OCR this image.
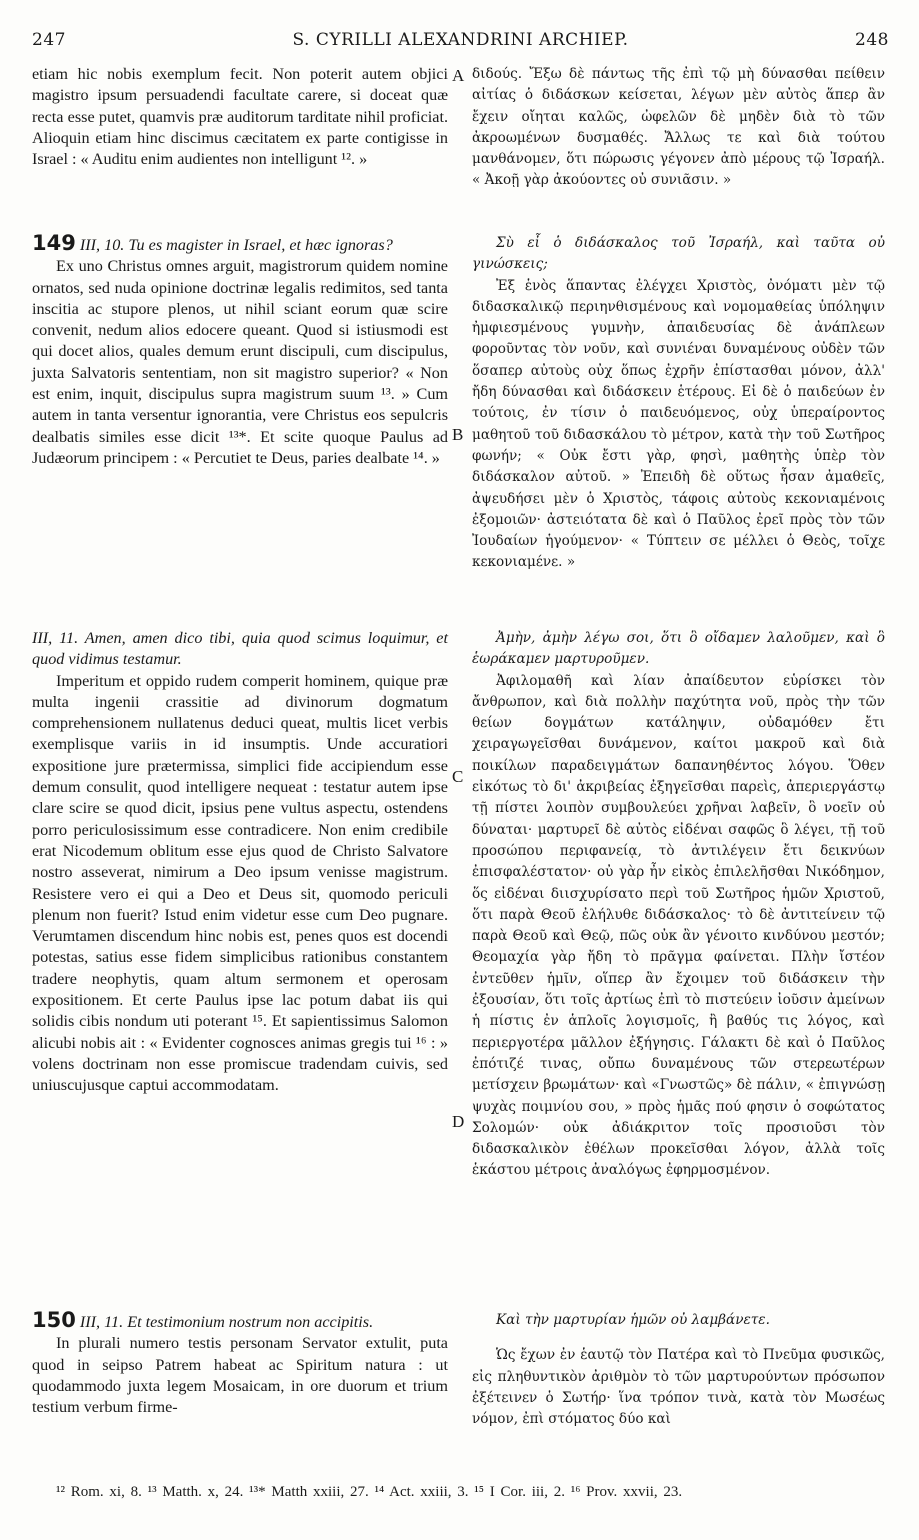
247	S. CYRILLI ALEXANDRINI ARCHIEP.	248

etiam hic nobis exemplum fecit. Non poterit autem objici magistro ipsum persuadendi facultate carere, si doceat quæ recta esse putet, quamvis præ auditorum tarditate nihil proficiat. Alioquin etiam hinc discimus cæcitatem ex parte contigisse in Israel : « Auditu enim audientes non intelligunt ¹². »

149 III, 10. Tu es magister in Israel, et hæc ignoras?

Ex uno Christus omnes arguit, magistrorum quidem nomine ornatos, sed nuda opinione doctrinæ legalis redimitos, sed tanta inscitia ac stupore plenos, ut nihil sciant eorum quæ scire convenit, nedum alios edocere queant. Quod si istiusmodi est qui docet alios, quales demum erunt discipuli, cum discipulus, juxta Salvatoris sententiam, non sit magistro superior? « Non est enim, inquit, discipulus supra magistrum suum ¹³. » Cum autem in tanta versentur ignorantia, vere Christus eos sepulcris dealbatis similes esse dicit ¹³*. Et scite quoque Paulus ad Judæorum principem : « Percutiet te Deus, paries dealbate ¹⁴. »

III, 11. Amen, amen dico tibi, quia quod scimus loquimur, et quod vidimus testamur.

Imperitum et oppido rudem comperit hominem, quique præ multa ingenii crassitie ad divinorum dogmatum comprehensionem nullatenus deduci queat, multis licet verbis exemplisque variis in id insumptis. Unde accuratiori expositione jure prætermissa, simplici fide accipiendum esse demum consulit, quod intelligere nequeat : testatur autem ipse clare scire se quod dicit, ipsius pene vultus aspectu, ostendens porro periculosissimum esse contradicere. Non enim credibile erat Nicodemum oblitum esse ejus quod de Christo Salvatore nostro asseverat, nimirum a Deo ipsum venisse magistrum. Resistere vero ei qui a Deo et Deus sit, quomodo periculi plenum non fuerit? Istud enim videtur esse cum Deo pugnare. Verumtamen discendum hinc nobis est, penes quos est docendi potestas, satius esse fidem simplicibus rationibus constantem tradere neophytis, quam altum sermonem et operosam expositionem. Et certe Paulus ipse lac potum dabat iis qui solidis cibis nondum uti poterant ¹⁵. Et sapientissimus Salomon alicubi nobis ait : « Evidenter cognosces animas gregis tui ¹⁶ : » volens doctrinam non esse promiscue tradendam cuivis, sed uniuscujusque captui accommodatam.

150 III, 11. Et testimonium nostrum non accipitis.

In plurali numero testis personam Servator extulit, puta quod in seipso Patrem habeat ac Spiritum natura : ut quodammodo juxta legem Mosaicam, in ore duorum et trium testium verbum firme-

A
B
C
D

διδούς. Ἔξω δὲ πάντως τῆς ἐπὶ τῷ μὴ δύνασθαι πείθειν αἰτίας ὁ διδάσκων κείσεται, λέγων μὲν αὐτὸς ἅπερ ἂν ἔχειν οἴηται καλῶς, ὠφελῶν δὲ μηδὲν διὰ τὸ τῶν ἀκροωμένων δυσμαθές. Ἄλλως τε καὶ διὰ τούτου μανθάνομεν, ὅτι πώρωσις γέγονεν ἀπὸ μέρους τῷ Ἰσραήλ. « Ἀκοῇ γὰρ ἀκούοντες οὐ συνιᾶσιν. »

Σὺ εἶ ὁ διδάσκαλος τοῦ Ἰσραήλ, καὶ ταῦτα οὐ γινώσκεις;

Ἐξ ἑνὸς ἅπαντας ἐλέγχει Χριστὸς, ὀνόματι μὲν τῷ διδασκαλικῷ περιηνθισμένους καὶ νομομαθείας ὑπόληψιν ἠμφιεσμένους γυμνὴν, ἀπαιδευσίας δὲ ἀνάπλεων φοροῦντας τὸν νοῦν, καὶ συνιέναι δυναμένους οὐδὲν τῶν ὅσαπερ αὐτοὺς οὐχ ὅπως ἐχρῆν ἐπίστασθαι μόνον, ἀλλ' ἤδη δύνασθαι καὶ διδάσκειν ἑτέρους. Εἰ δὲ ὁ παιδεύων ἐν τούτοις, ἐν τίσιν ὁ παιδευόμενος, οὐχ ὑπεραίροντος μαθητοῦ τοῦ διδασκάλου τὸ μέτρον, κατὰ τὴν τοῦ Σωτῆρος φωνήν; « Οὐκ ἔστι γὰρ, φησὶ, μαθητὴς ὑπὲρ τὸν διδάσκαλον αὐτοῦ. » Ἐπειδὴ δὲ οὕτως ἦσαν ἀμαθεῖς, ἀψευδήσει μὲν ὁ Χριστὸς, τάφοις αὐτοὺς κεκονιαμένοις ἐξομοιῶν· ἀστειότατα δὲ καὶ ὁ Παῦλος ἐρεῖ πρὸς τὸν τῶν Ἰουδαίων ἡγούμενον· « Τύπτειν σε μέλλει ὁ Θεὸς, τοῖχε κεκονιαμένε. »

Ἀμὴν, ἀμὴν λέγω σοι, ὅτι ὃ οἴδαμεν λαλοῦμεν, καὶ ὃ ἑωράκαμεν μαρτυροῦμεν.

Ἀφιλομαθῆ καὶ λίαν ἀπαίδευτον εὑρίσκει τὸν ἄνθρωπον, καὶ διὰ πολλὴν παχύτητα νοῦ, πρὸς τὴν τῶν θείων δογμάτων κατάληψιν, οὐδαμόθεν ἔτι χειραγωγεῖσθαι δυνάμενον, καίτοι μακροῦ καὶ διὰ ποικίλων παραδειγμάτων δαπανηθέντος λόγου. Ὅθεν εἰκότως τὸ δι' ἀκριβείας ἐξηγεῖσθαι παρεὶς, ἀπεριεργάστῳ τῇ πίστει λοιπὸν συμβουλεύει χρῆναι λαβεῖν, ὃ νοεῖν οὐ δύναται· μαρτυρεῖ δὲ αὐτὸς εἰδέναι σαφῶς ὃ λέγει, τῇ τοῦ προσώπου περιφανείᾳ, τὸ ἀντιλέγειν ἔτι δεικνύων ἐπισφαλέστατον· οὐ γὰρ ἦν εἰκὸς ἐπιλελῆσθαι Νικόδημον, ὅς εἰδέναι διισχυρίσατο περὶ τοῦ Σωτῆρος ἡμῶν Χριστοῦ, ὅτι παρὰ Θεοῦ ἐλήλυθε διδάσκαλος· τὸ δὲ ἀντιτείνειν τῷ παρὰ Θεοῦ καὶ Θεῷ, πῶς οὐκ ἂν γένοιτο κινδύνου μεστόν; Θεομαχία γὰρ ἤδη τὸ πρᾶγμα φαίνεται. Πλὴν ἴστέον ἐντεῦθεν ἡμῖν, οἵπερ ἂν ἔχοιμεν τοῦ διδάσκειν τὴν ἐξουσίαν, ὅτι τοῖς ἀρτίως ἐπὶ τὸ πιστεύειν ἰοῦσιν ἀμείνων ἡ πίστις ἐν ἁπλοῖς λογισμοῖς, ἢ βαθύς τις λόγος, καὶ περιεργοτέρα μᾶλλον ἐξήγησις. Γάλακτι δὲ καὶ ὁ Παῦλος ἐπότιζέ τινας, οὔπω δυναμένους τῶν στερεωτέρων μετίσχειν βρωμάτων· καὶ «Γνωστῶς» δὲ πάλιν, « ἐπιγνώσῃ ψυχὰς ποιμνίου σου, » πρὸς ἡμᾶς πού φησιν ὁ σοφώτατος Σολομών· οὐκ ἀδιάκριτον τοῖς προσιοῦσι τὸν διδασκαλικὸν ἐθέλων προκεῖσθαι λόγον, ἀλλὰ τοῖς ἑκάστου μέτροις ἀναλόγως ἐφηρμοσμένον.

Καὶ τὴν μαρτυρίαν ἡμῶν οὐ λαμβάνετε.

Ὡς ἔχων ἐν ἑαυτῷ τὸν Πατέρα καὶ τὸ Πνεῦμα φυσικῶς, εἰς πληθυντικὸν ἀριθμὸν τὸ τῶν μαρτυρούντων πρόσωπον ἐξέτεινεν ὁ Σωτήρ· ἵνα τρόπον τινὰ, κατὰ τὸν Μωσέως νόμον, ἐπὶ στόματος δύο καὶ

¹² Rom. xi, 8. ¹³ Matth. x, 24. ¹³* Matth xxiii, 27. ¹⁴ Act. xxiii, 3. ¹⁵ I Cor. iii, 2. ¹⁶ Prov. xxvii, 23.
